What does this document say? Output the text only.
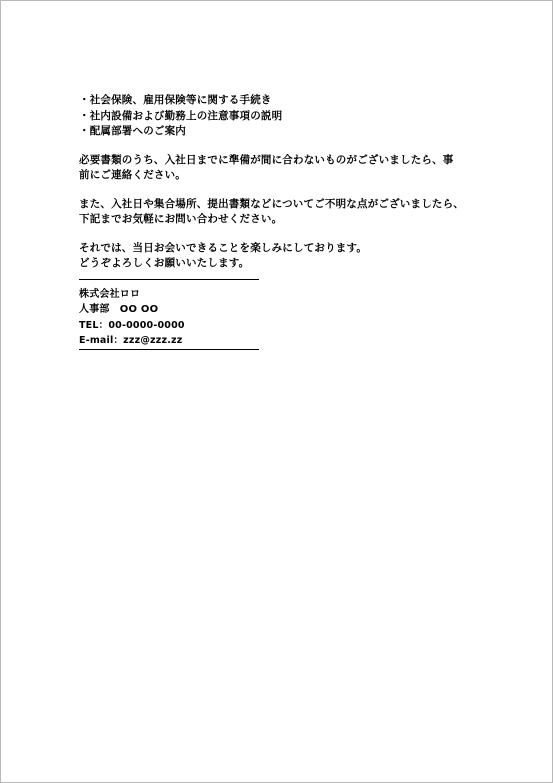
・社会保険、雇用保険等に関する手続き
・社内設備および勤務上の注意事項の説明
・配属部署へのご案内
必要書類のうち、入社日までに準備が間に合わないものがございましたら、事
前にご連絡ください。
また、入社日や集合場所、提出書類などについてご不明な点がございましたら、
下記までお気軽にお問い合わせください。
それでは、当日お会いできることを楽しみにしております。
どうぞよろしくお願いいたします。
株式会社ロロ
人事部　OO OO
TEL：00-0000-0000
E-mail：zzz@zzz.zz
